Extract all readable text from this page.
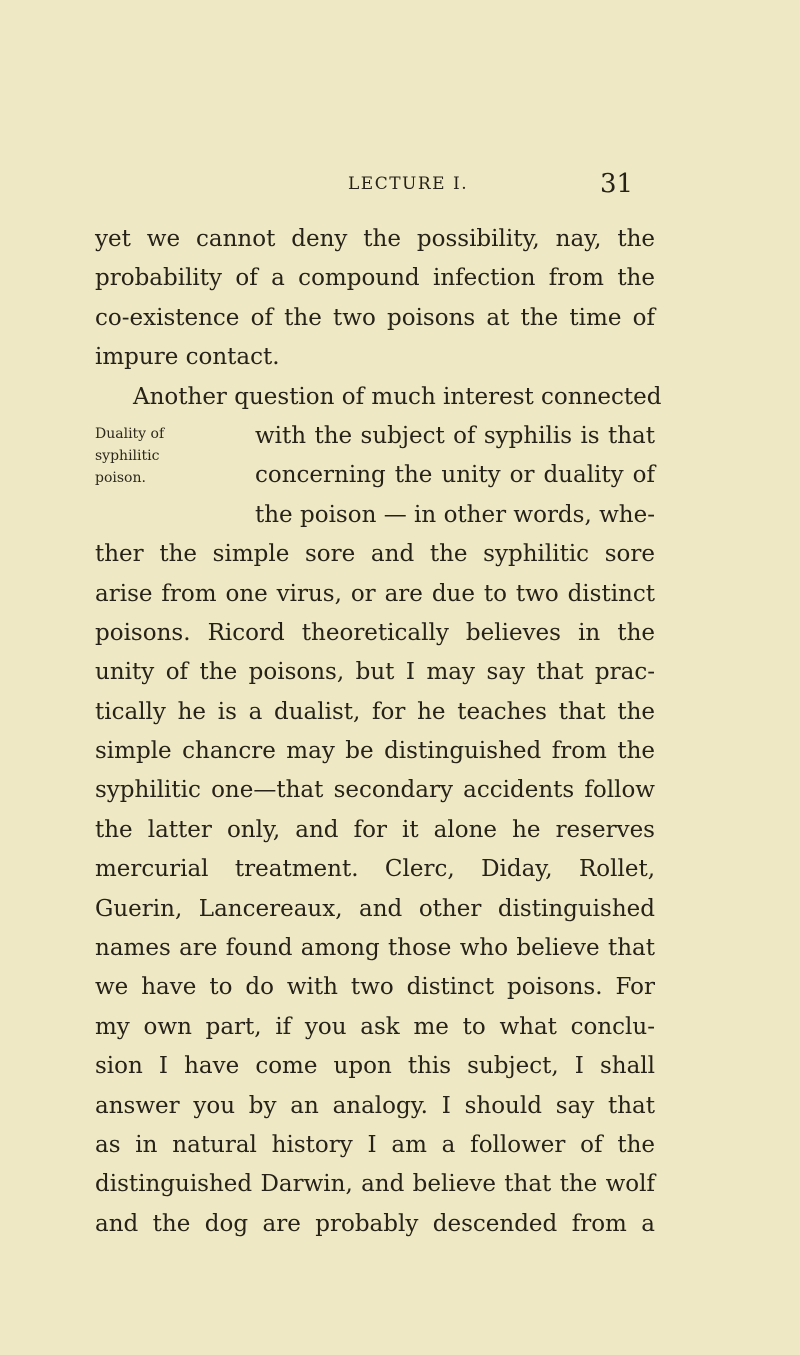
LECTURE I.	31
Duality of
syphilitic
poison.
yet we cannot deny the possibility, nay, the
probability of a compound infection from the
co-existence of the two poisons at the time of
impure contact.
Another question of much interest connected
with the subject of syphilis is that
concerning the unity or duality of
the poison — in other words, whe-
ther the simple sore and the syphilitic sore
arise from one virus, or are due to two distinct
poisons. Ricord theoretically believes in the
unity of the poisons, but I may say that prac-
tically he is a dualist, for he teaches that the
simple chancre may be distinguished from the
syphilitic one—that secondary accidents follow
the latter only, and for it alone he reserves
mercurial treatment. Clerc, Diday, Rollet,
Guerin, Lancereaux, and other distinguished
names are found among those who believe that
we have to do with two distinct poisons. For
my own part, if you ask me to what conclu-
sion I have come upon this subject, I shall
answer you by an analogy. I should say that
as in natural history I am a follower of the
distinguished Darwin, and believe that the wolf
and the dog are probably descended from a
